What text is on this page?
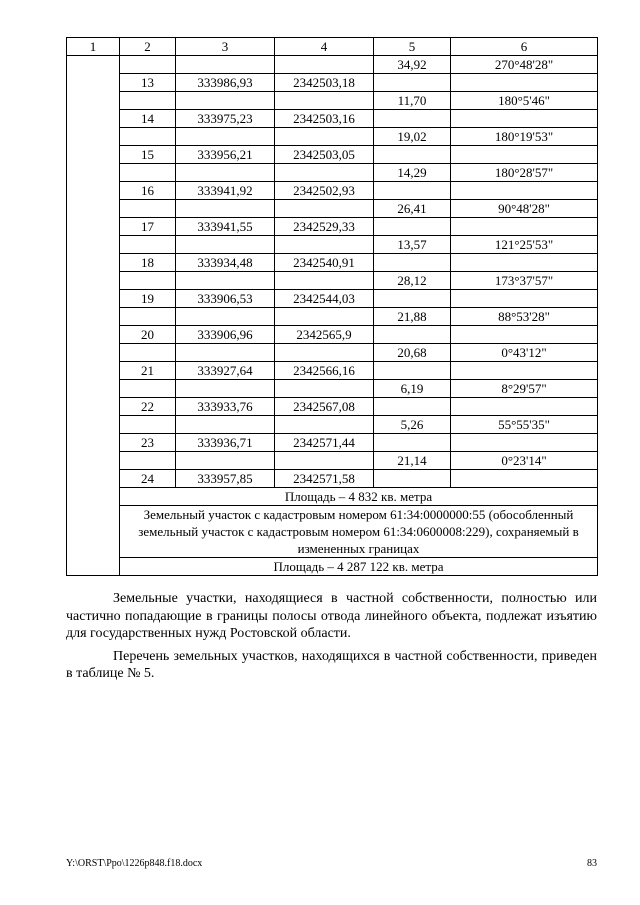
1	2	3	4	5	6
				34,92	270°48'28"
	13	333986,93	2342503,18		
				11,70	180°5'46"
	14	333975,23	2342503,16		
				19,02	180°19'53"
	15	333956,21	2342503,05		
				14,29	180°28'57"
	16	333941,92	2342502,93		
				26,41	90°48'28"
	17	333941,55	2342529,33		
				13,57	121°25'53"
	18	333934,48	2342540,91		
				28,12	173°37'57"
	19	333906,53	2342544,03		
				21,88	88°53'28"
	20	333906,96	2342565,9		
				20,68	0°43'12"
	21	333927,64	2342566,16		
				6,19	8°29'57"
	22	333933,76	2342567,08		
				5,26	55°55'35"
	23	333936,71	2342571,44		
				21,14	0°23'14"
	24	333957,85	2342571,58		
	Площадь – 4 832 кв. метра				
	Земельный участок с кадастровым номером 61:34:0000000:55 (обособленный земельный участок с кадастровым номером 61:34:0600008:229), сохраняемый в измененных границах				
	Площадь – 4 287 122 кв. метра				

Земельные участки, находящиеся в частной собственности, полностью или частично попадающие в границы полосы отвода линейного объекта, подлежат изъятию для государственных нужд Ростовской области.

Перечень земельных участков, находящихся в частной собственности, приведен в таблице № 5.

Y:\ORST\Ppo\1226p848.f18.docx	83
